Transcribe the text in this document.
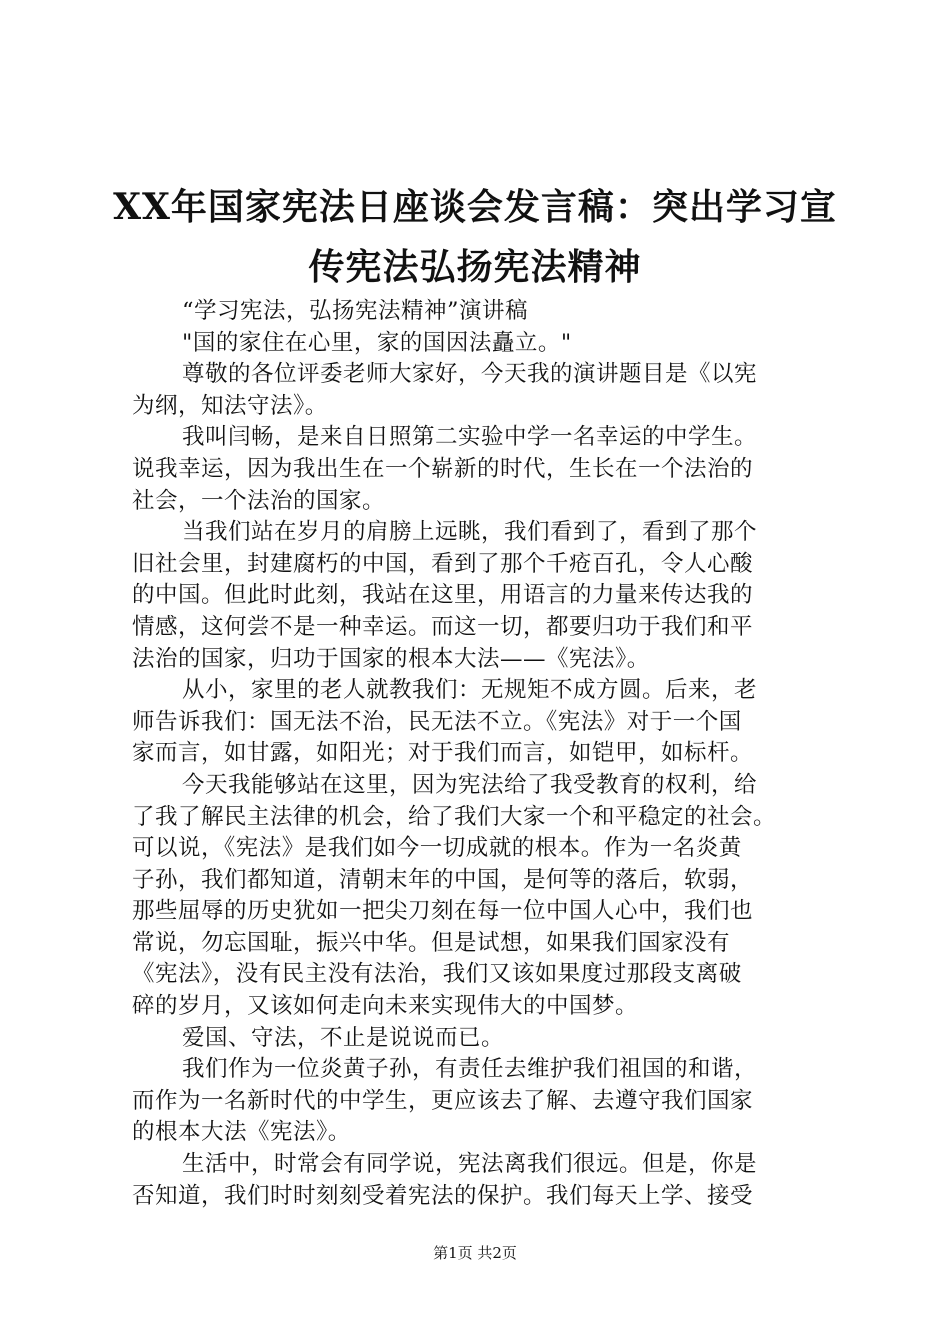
XX年国家宪法日座谈会发言稿：突出学习宣
传宪法弘扬宪法精神
“学习宪法，弘扬宪法精神”演讲稿
"国的家住在心里，家的国因法矗立。"
尊敬的各位评委老师大家好，今天我的演讲题目是《以宪
为纲，知法守法》。
我叫闫畅，是来自日照第二实验中学一名幸运的中学生。
说我幸运，因为我出生在一个崭新的时代，生长在一个法治的
社会，一个法治的国家。
当我们站在岁月的肩膀上远眺，我们看到了，看到了那个
旧社会里，封建腐朽的中国，看到了那个千疮百孔，令人心酸
的中国。但此时此刻，我站在这里，用语言的力量来传达我的
情感，这何尝不是一种幸运。而这一切，都要归功于我们和平
法治的国家，归功于国家的根本大法——《宪法》。
从小，家里的老人就教我们：无规矩不成方圆。后来，老
师告诉我们：国无法不治，民无法不立。《宪法》对于一个国
家而言，如甘露，如阳光；对于我们而言，如铠甲，如标杆。
今天我能够站在这里，因为宪法给了我受教育的权利，给
了我了解民主法律的机会，给了我们大家一个和平稳定的社会。
可以说，《宪法》是我们如今一切成就的根本。作为一名炎黄
子孙，我们都知道，清朝末年的中国，是何等的落后，软弱，
那些屈辱的历史犹如一把尖刀刻在每一位中国人心中，我们也
常说，勿忘国耻，振兴中华。但是试想，如果我们国家没有
《宪法》，没有民主没有法治，我们又该如果度过那段支离破
碎的岁月，又该如何走向未来实现伟大的中国梦。
爱国、守法，不止是说说而已。
我们作为一位炎黄子孙，有责任去维护我们祖国的和谐，
而作为一名新时代的中学生，更应该去了解、去遵守我们国家
的根本大法《宪法》。
生活中，时常会有同学说，宪法离我们很远。但是，你是
否知道，我们时时刻刻受着宪法的保护。我们每天上学、接受
第1页 共2页
